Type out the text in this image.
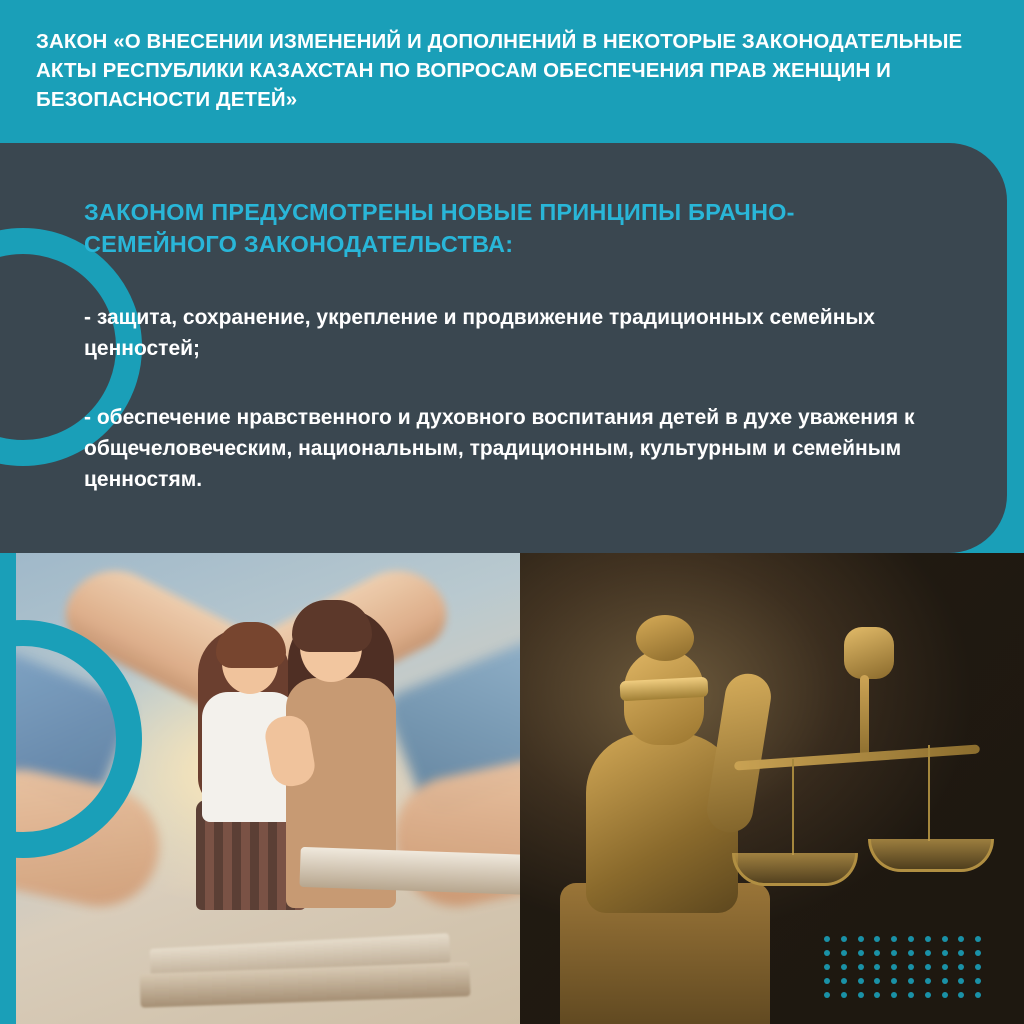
ЗАКОН «О ВНЕСЕНИИ ИЗМЕНЕНИЙ И ДОПОЛНЕНИЙ В НЕКОТОРЫЕ ЗАКОНОДАТЕЛЬНЫЕ АКТЫ РЕСПУБЛИКИ КАЗАХСТАН ПО ВОПРОСАМ ОБЕСПЕЧЕНИЯ ПРАВ ЖЕНЩИН И БЕЗОПАСНОСТИ ДЕТЕЙ»
ЗАКОНОМ ПРЕДУСМОТРЕНЫ НОВЫЕ ПРИНЦИПЫ БРАЧНО-СЕМЕЙНОГО ЗАКОНОДАТЕЛЬСТВА:
- защита, сохранение, укрепление и продвижение традиционных семейных ценностей;
- обеспечение нравственного и духовного воспитания детей в духе уважения к общечеловеческим, национальным, традиционным, культурным и семейным ценностям.
